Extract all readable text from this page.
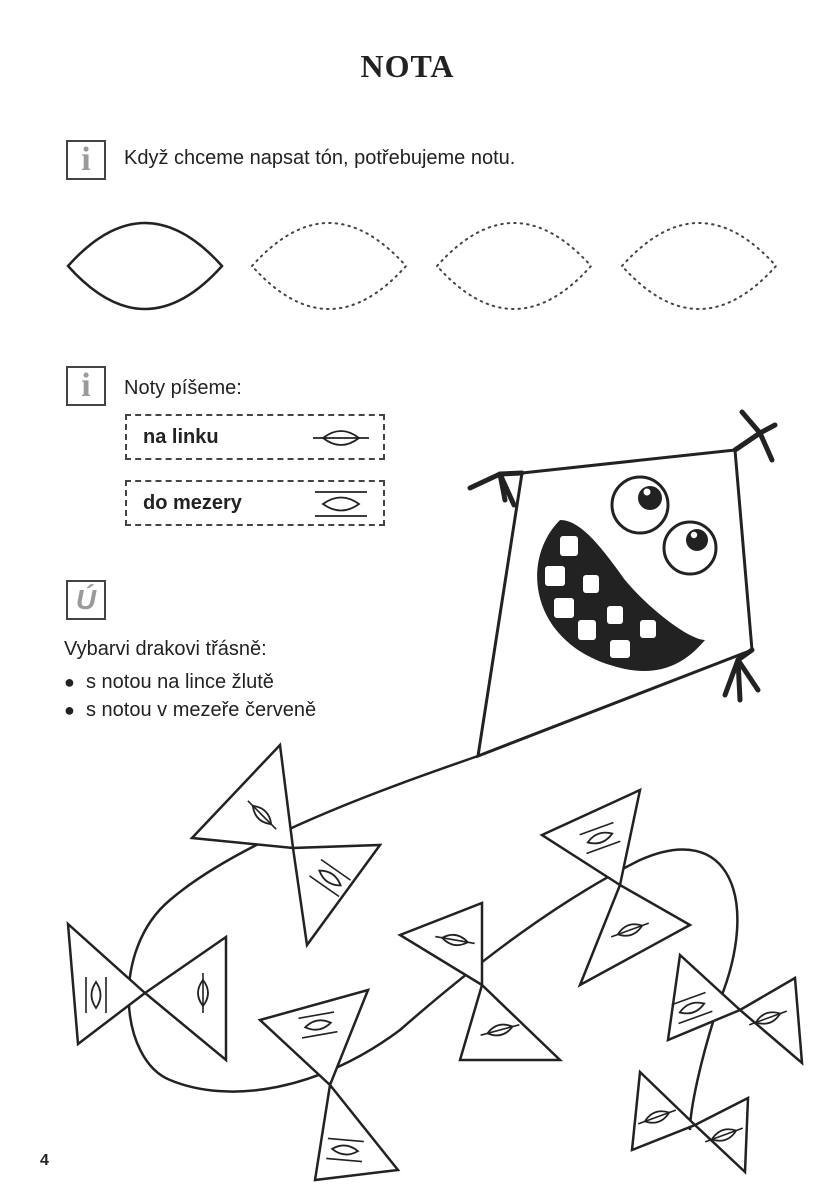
NOTA
i Když chceme napsat tón, potřebujeme notu.
i Noty píšeme:
na linku
do mezery
Ú
Vybarvi drakovi třásně:
● s notou na lince žlutě
● s notou v mezeře červeně
4
